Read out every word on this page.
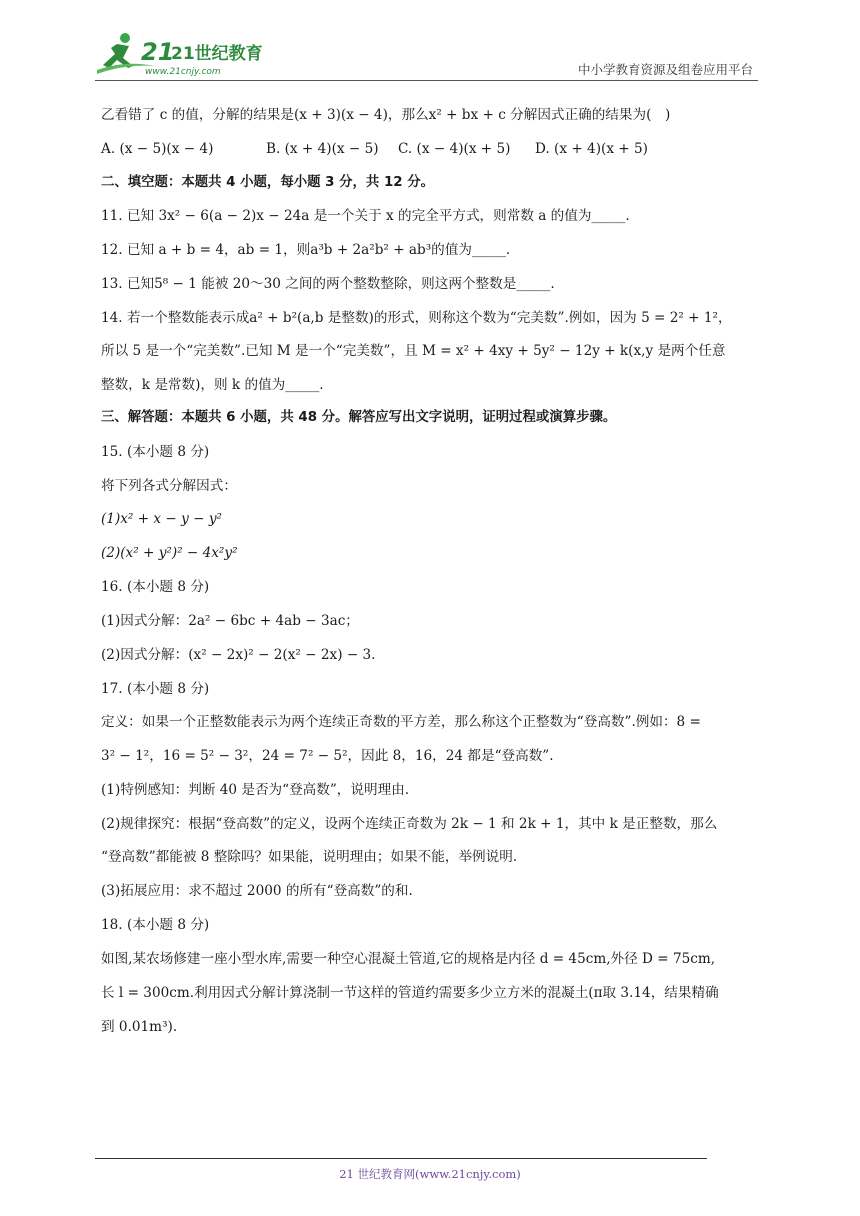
21
21世纪教育
www.21cnjy.com	中小学教育资源及组卷应用平台
乙看错了 c 的值，分解的结果是(x + 3)(x − 4)，那么x² + bx + c 分解因式正确的结果为(　)
A. (x − 5)(x − 4)	B. (x + 4)(x − 5) C. (x − 4)(x + 5) D. (x + 4)(x + 5)
二、填空题：本题共 4 小题，每小题 3 分，共 12 分。
11. 已知 3x² − 6(a − 2)x − 24a 是一个关于 x 的完全平方式，则常数 a 的值为_____.
12. 已知 a + b = 4，ab = 1，则a³b + 2a²b² + ab³的值为_____.
13. 已知5⁸ − 1 能被 20～30 之间的两个整数整除，则这两个整数是_____.
14. 若一个整数能表示成a² + b²(a,b 是整数)的形式，则称这个数为“完美数”.例如，因为 5 = 2² + 1²，
所以 5 是一个“完美数”.已知 M 是一个“完美数”，且 M = x² + 4xy + 5y² − 12y + k(x,y 是两个任意
整数，k 是常数)，则 k 的值为_____.
三、解答题：本题共 6 小题，共 48 分。解答应写出文字说明，证明过程或演算步骤。
15. (本小题 8 分)
将下列各式分解因式：
(1)x² + x − y − y²
(2)(x² + y²)² − 4x²y²
16. (本小题 8 分)
(1)因式分解：2a² − 6bc + 4ab − 3ac；
(2)因式分解：(x² − 2x)² − 2(x² − 2x) − 3.
17. (本小题 8 分)
定义：如果一个正整数能表示为两个连续正奇数的平方差，那么称这个正整数为“登高数”.例如：8 =
3² − 1²，16 = 5² − 3²，24 = 7² − 5²，因此 8，16，24 都是“登高数”.
(1)特例感知：判断 40 是否为“登高数”，说明理由.
(2)规律探究：根据“登高数”的定义，设两个连续正奇数为 2k − 1 和 2k + 1，其中 k 是正整数，那么
“登高数”都能被 8 整除吗？如果能，说明理由；如果不能，举例说明.
(3)拓展应用：求不超过 2000 的所有“登高数”的和.
18. (本小题 8 分)
如图,某农场修建一座小型水库,需要一种空心混凝土管道,它的规格是内径 d = 45cm,外径 D = 75cm,
长 l = 300cm.利用因式分解计算浇制一节这样的管道约需要多少立方米的混凝土(π取 3.14，结果精确
到 0.01m³).
21 世纪教育网(www.21cnjy.com)
